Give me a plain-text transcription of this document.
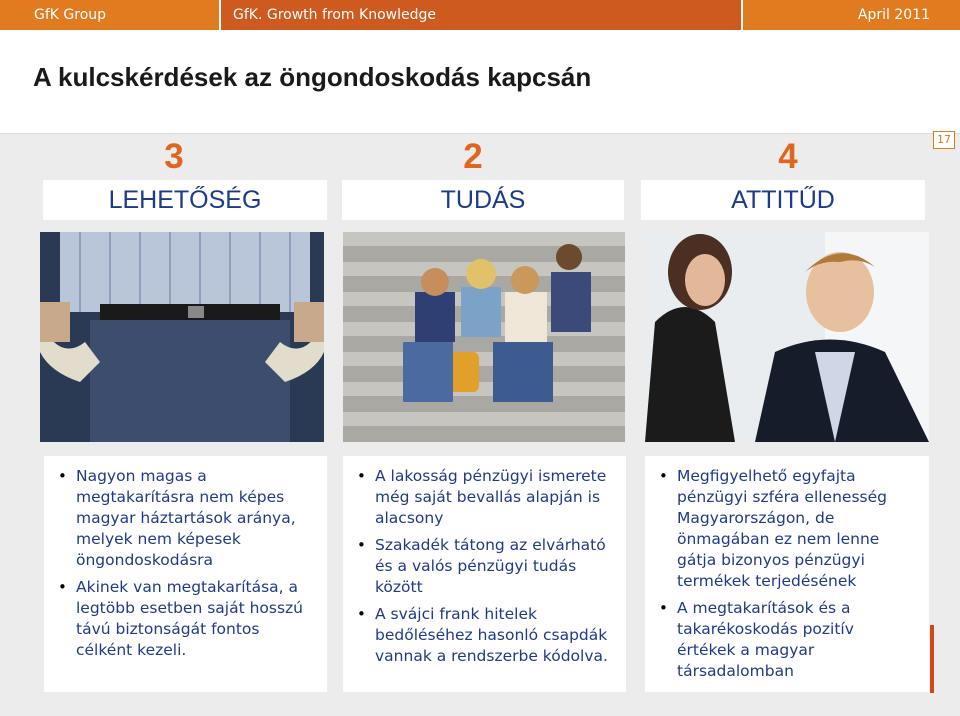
GfK Group	GfK. Growth from Knowledge	April 2011
A kulcskérdések az öngondoskodás kapcsán
17
3	2	4
LEHETŐSÉG	TUDÁS	ATTITŰD
• Nagyon magas a megtakarításra nem képes magyar háztartások aránya, melyek nem képesek öngondoskodásra
• Akinek van megtakarítása, a legtöbb esetben saját hosszú távú biztonságát fontos célként kezeli.
• A lakosság pénzügyi ismerete még saját bevallás alapján is alacsony
• Szakadék tátong az elvárható és a valós pénzügyi tudás között
• A svájci frank hitelek bedőléséhez hasonló csapdák vannak a rendszerbe kódolva.
• Megfigyelhető egyfajta pénzügyi szféra ellenesség Magyarországon, de önmagában ez nem lenne gátja bizonyos pénzügyi termékek terjedésének
• A megtakarítások és a takarékoskodás pozitív értékek a magyar társadalomban
